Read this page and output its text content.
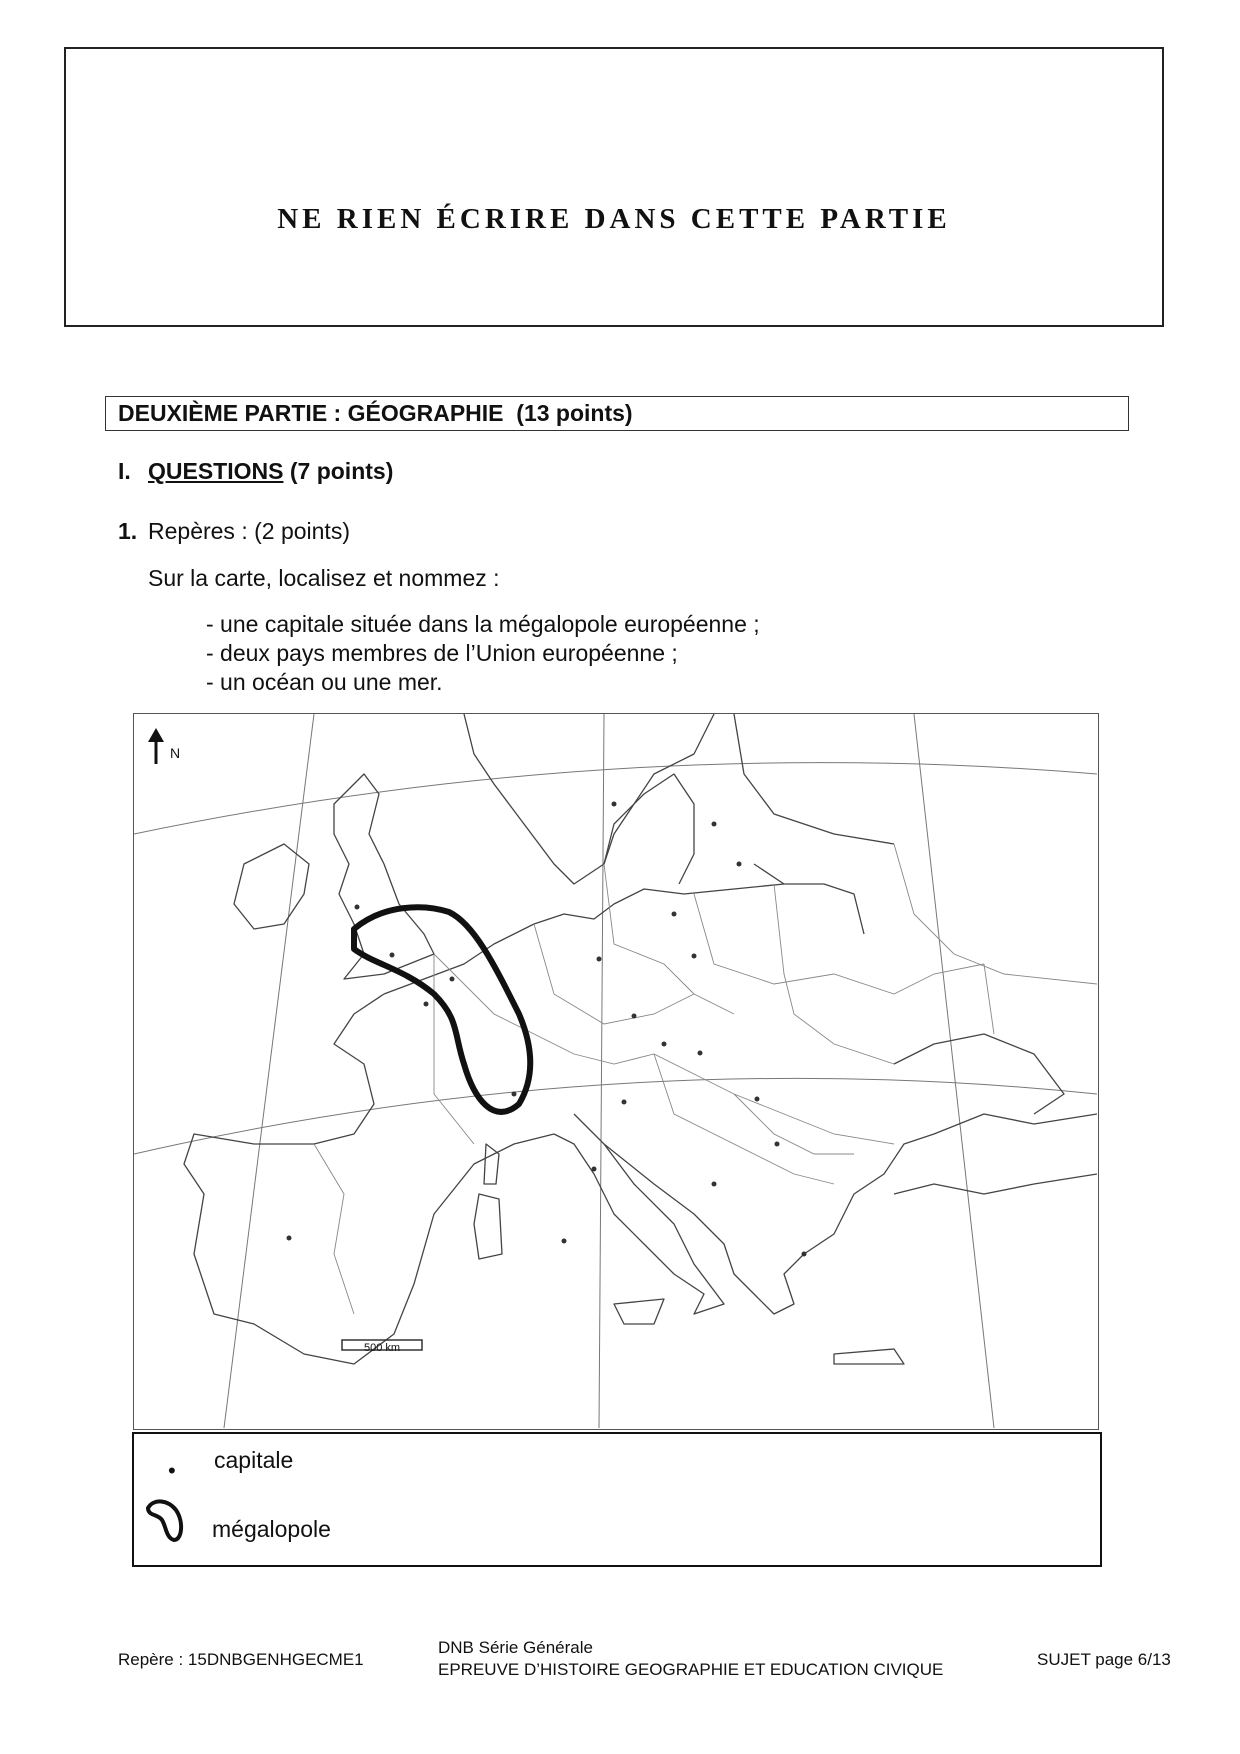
NE RIEN ÉCRIRE DANS CETTE PARTIE
DEUXIÈME PARTIE : GÉOGRAPHIE  (13 points)
I. QUESTIONS (7 points)
1. Repères : (2 points)
Sur la carte, localisez et nommez :
- une capitale située dans la mégalopole européenne ;
- deux pays membres de l’Union européenne ;
- un océan ou une mer.
N
500 km
• capitale
mégalopole
Repère : 15DNBGENHGECME1
DNB Série Générale
EPREUVE D’HISTOIRE GEOGRAPHIE ET EDUCATION CIVIQUE
SUJET page 6/13
